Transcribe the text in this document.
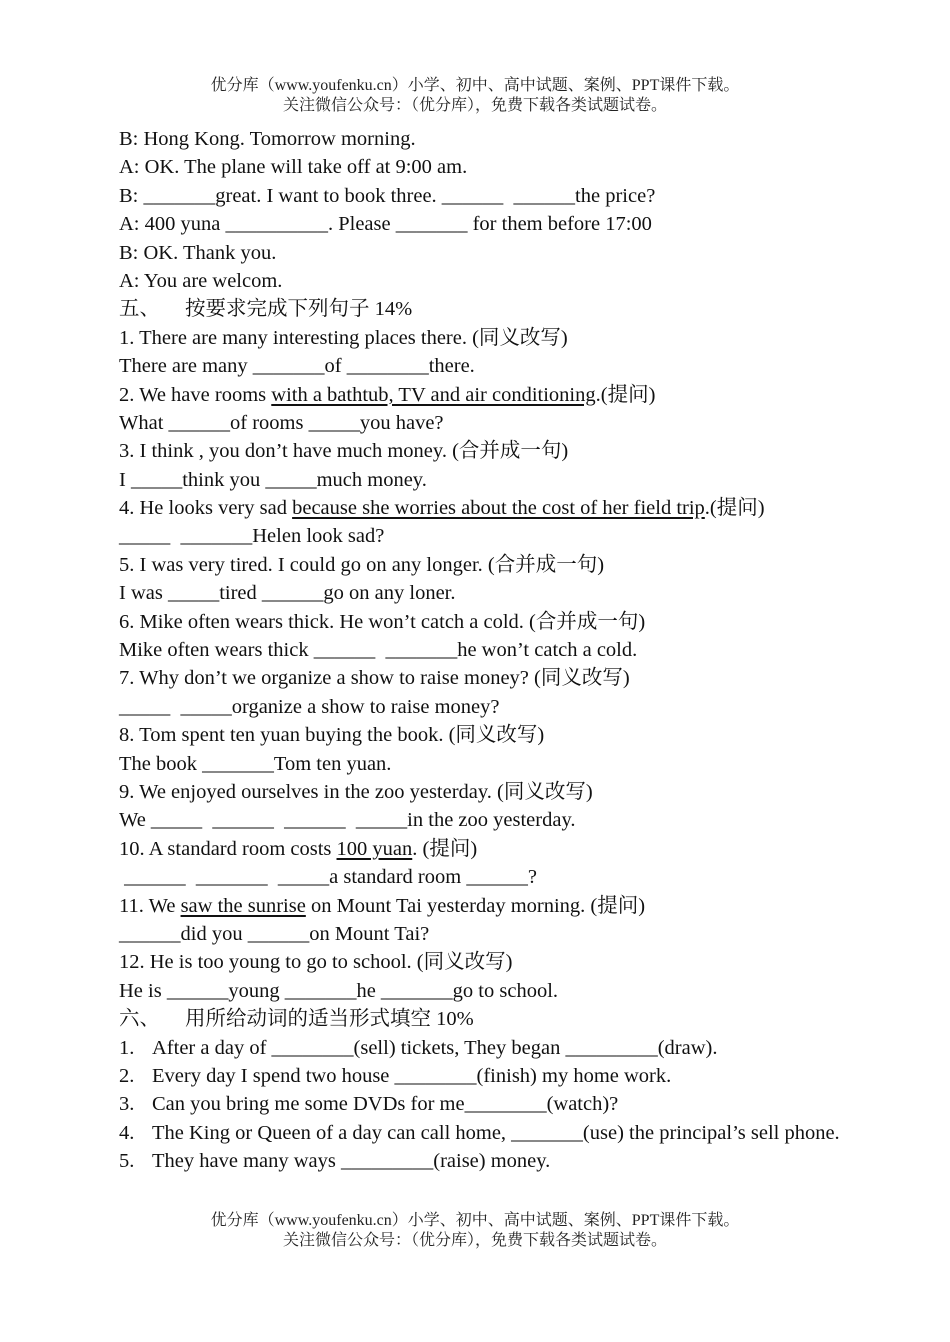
优分库（www.youfenku.cn）小学、初中、高中试题、案例、PPT课件下载。
关注微信公众号：（优分库），免费下载各类试题试卷。
B: Hong Kong. Tomorrow morning.
A: OK. The plane will take off at 9:00 am.
B: _______great. I want to book three. ______  ______the price?
A: 400 yuna __________. Please _______ for them before 17:00
B: OK. Thank you.
A: You are welcom.
五、 按要求完成下列句子 14%
1. There are many interesting places there. (同义改写)
There are many _______of ________there.
2. We have rooms with a bathtub, TV and air conditioning.(提问)
What ______of rooms _____you have?
3. I think , you don’t have much money. (合并成一句)
I _____think you _____much money.
4. He looks very sad because she worries about the cost of her field trip.(提问)
_____  _______Helen look sad?
5. I was very tired. I could go on any longer. (合并成一句)
I was _____tired ______go on any loner.
6. Mike often wears thick. He won’t catch a cold. (合并成一句)
Mike often wears thick ______  _______he won’t catch a cold.
7. Why don’t we organize a show to raise money? (同义改写)
_____  _____organize a show to raise money?
8. Tom spent ten yuan buying the book. (同义改写)
The book _______Tom ten yuan.
9. We enjoyed ourselves in the zoo yesterday. (同义改写)
We _____  ______  ______  _____in the zoo yesterday.
10. A standard room costs 100 yuan. (提问)
______  _______  _____a standard room ______?
11. We saw the sunrise on Mount Tai yesterday morning. (提问)
______did you ______on Mount Tai?
12. He is too young to go to school. (同义改写)
He is ______young _______he _______go to school.
六、 用所给动词的适当形式填空 10%
1. After a day of ________(sell) tickets, They began _________(draw).
2. Every day I spend two house ________(finish) my home work.
3. Can you bring me some DVDs for me________(watch)?
4. The King or Queen of a day can call home, _______(use) the principal’s sell phone.
5. They have many ways _________(raise) money.
优分库（www.youfenku.cn）小学、初中、高中试题、案例、PPT课件下载。
关注微信公众号：（优分库），免费下载各类试题试卷。
